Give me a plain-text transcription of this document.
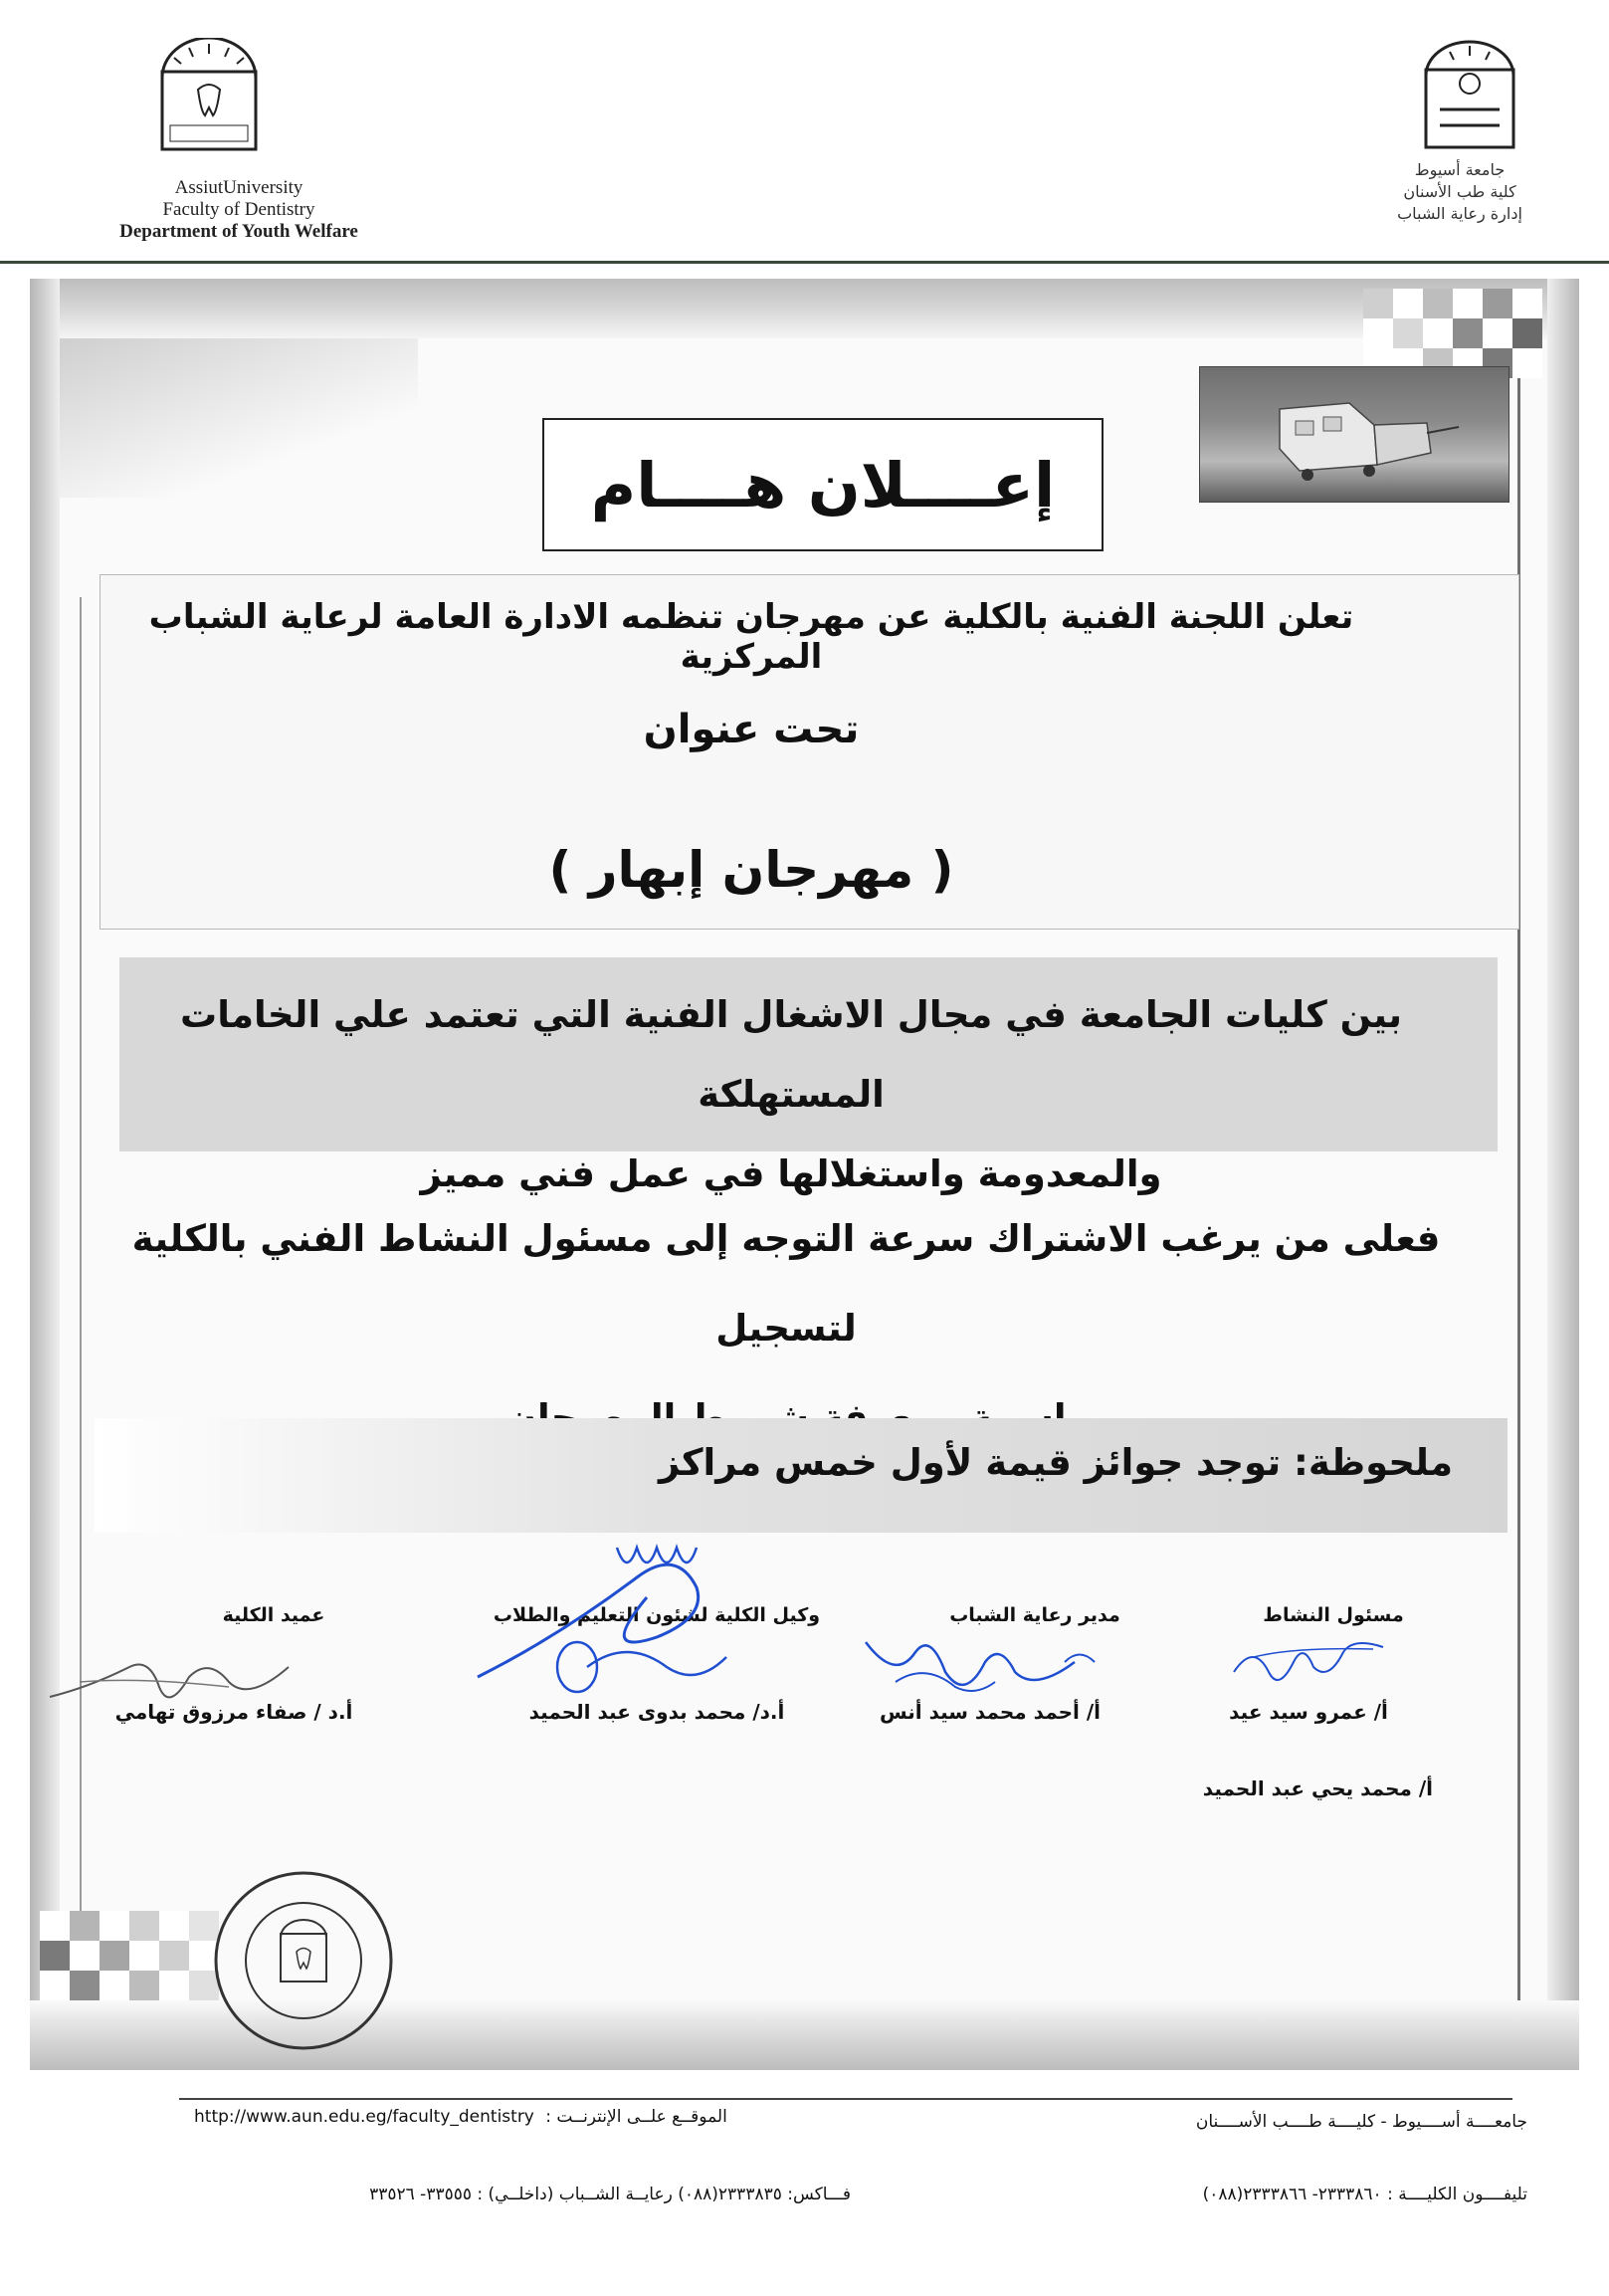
AssiutUniversity
Faculty of Dentistry
Department of Youth Welfare
جامعة أسيوط
كلية طب الأسنان
إدارة رعاية الشباب
إعــــلان هــــام
تعلن اللجنة الفنية بالكلية عن مهرجان تنظمه الادارة العامة لرعاية الشباب المركزية
تحت عنوان
( مهرجان إبهار )
بين كليات الجامعة في مجال الاشغال الفنية التي تعتمد علي الخامات المستهلكة
والمعدومة واستغلالها في عمل فني مميز
فعلى من يرغب الاشتراك سرعة التوجه إلى مسئول النشاط الفني بالكلية لتسجيل
ملحوظة: توجد جوائز قيمة لأول خمس مراكز
مسئول النشاط
أ/ عمرو سيد عيد
مدير رعاية الشباب
أ/ أحمد محمد سيد أنس
وكيل الكلية لشئون التعليم والطلاب
أ.د/ محمد بدوى عبد الحميد
عميد الكلية
أ.د / صفاء مرزوق تهامي
أ/ محمد يحي عبد الحميد
http://www.aun.edu.eg/faculty_dentistry الموقــع علــى الإنترنــت :	جامعــــة أســــيوط - كليــــة طــــب الأســــنان
فـــاكس: ٢٣٣٣٨٣٥(٠٨٨) رعايــة الشــباب (داخلــي) : ٣٣٥٥٥- ٣٣٥٢٦	تليفــــون الكليــــة : ٢٣٣٣٨٦٠- ٢٣٣٣٨٦٦(٠٨٨)
